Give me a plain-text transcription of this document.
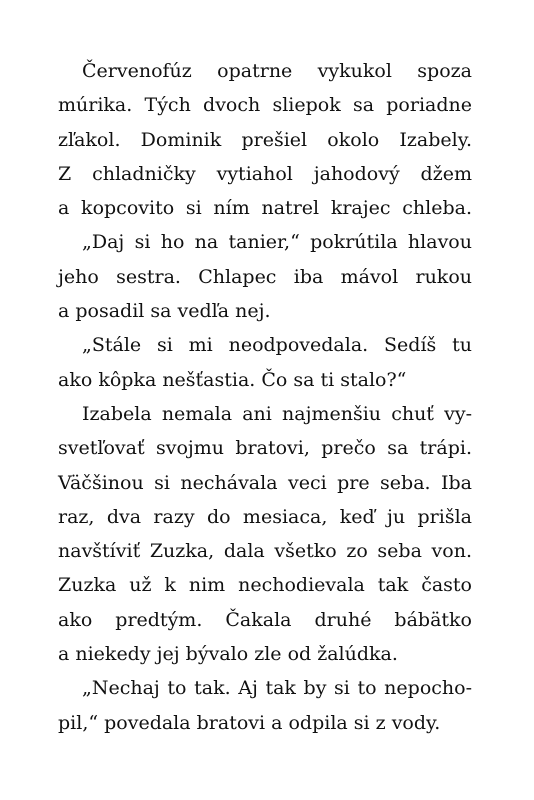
Červenofúz opatrne vykukol spoza
múrika. Tých dvoch sliepok sa poriadne
zľakol. Dominik prešiel okolo Izabely.
Z chladničky vytiahol jahodový džem
a kopcovito si ním natrel krajec chleba.
„Daj si ho na tanier,“ pokrútila hlavou
jeho sestra. Chlapec iba mávol rukou
a posadil sa vedľa nej.
„Stále si mi neodpovedala. Sedíš tu
ako kôpka nešťastia. Čo sa ti stalo?“
Izabela nemala ani najmenšiu chuť vy-
svetľovať svojmu bratovi, prečo sa trápi.
Väčšinou si nechávala veci pre seba. Iba
raz, dva razy do mesiaca, keď ju prišla
navštíviť Zuzka, dala všetko zo seba von.
Zuzka už k nim nechodievala tak často
ako predtým. Čakala druhé bábätko
a niekedy jej bývalo zle od žalúdka.
„Nechaj to tak. Aj tak by si to nepocho-
pil,“ povedala bratovi a odpila si z vody.
